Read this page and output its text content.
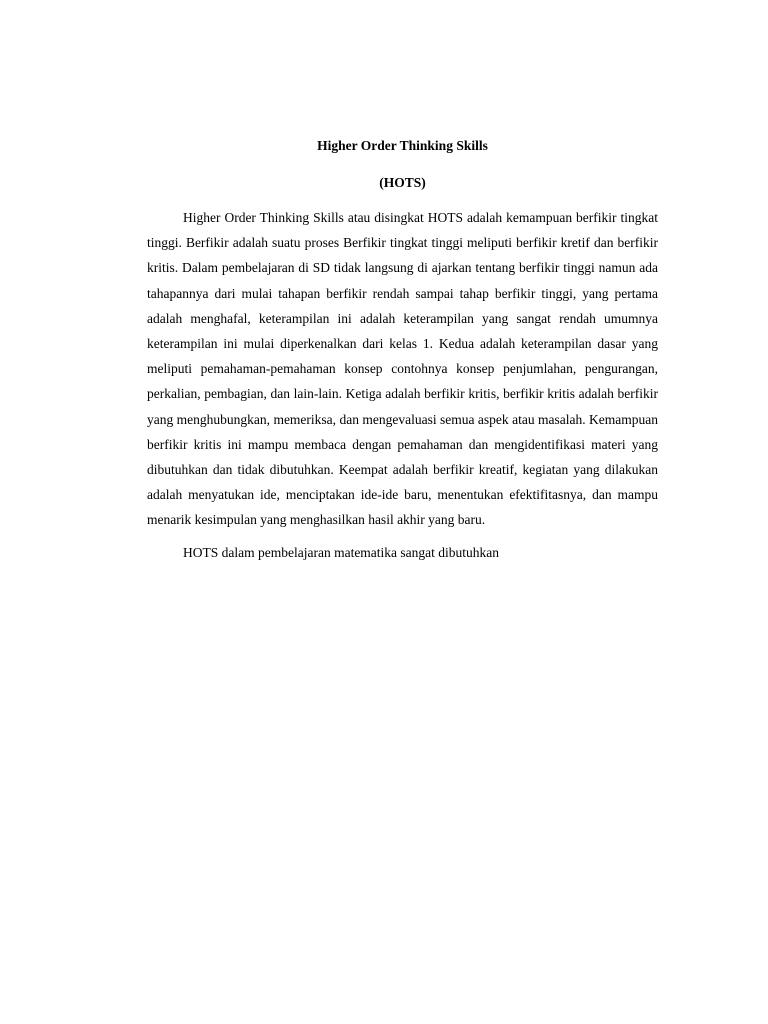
Higher Order Thinking Skills

(HOTS)

Higher Order Thinking Skills atau disingkat HOTS adalah kemampuan berfikir tingkat tinggi. Berfikir adalah suatu proses Berfikir tingkat tinggi meliputi berfikir kretif dan berfikir kritis. Dalam pembelajaran di SD tidak langsung di ajarkan tentang berfikir tinggi namun ada tahapannya dari mulai tahapan berfikir rendah sampai tahap berfikir tinggi, yang pertama adalah menghafal, keterampilan ini adalah keterampilan yang sangat rendah umumnya keterampilan ini mulai diperkenalkan dari kelas 1. Kedua adalah keterampilan dasar yang meliputi pemahaman-pemahaman konsep contohnya konsep penjumlahan, pengurangan, perkalian, pembagian, dan lain-lain. Ketiga adalah berfikir kritis, berfikir kritis adalah berfikir yang menghubungkan, memeriksa, dan mengevaluasi semua aspek atau masalah. Kemampuan berfikir kritis ini mampu membaca dengan pemahaman dan mengidentifikasi materi yang dibutuhkan dan tidak dibutuhkan. Keempat adalah berfikir kreatif, kegiatan yang dilakukan adalah menyatukan ide, menciptakan ide-ide baru, menentukan efektifitasnya, dan mampu menarik kesimpulan yang menghasilkan hasil akhir yang baru.

HOTS dalam pembelajaran matematika sangat dibutuhkan
